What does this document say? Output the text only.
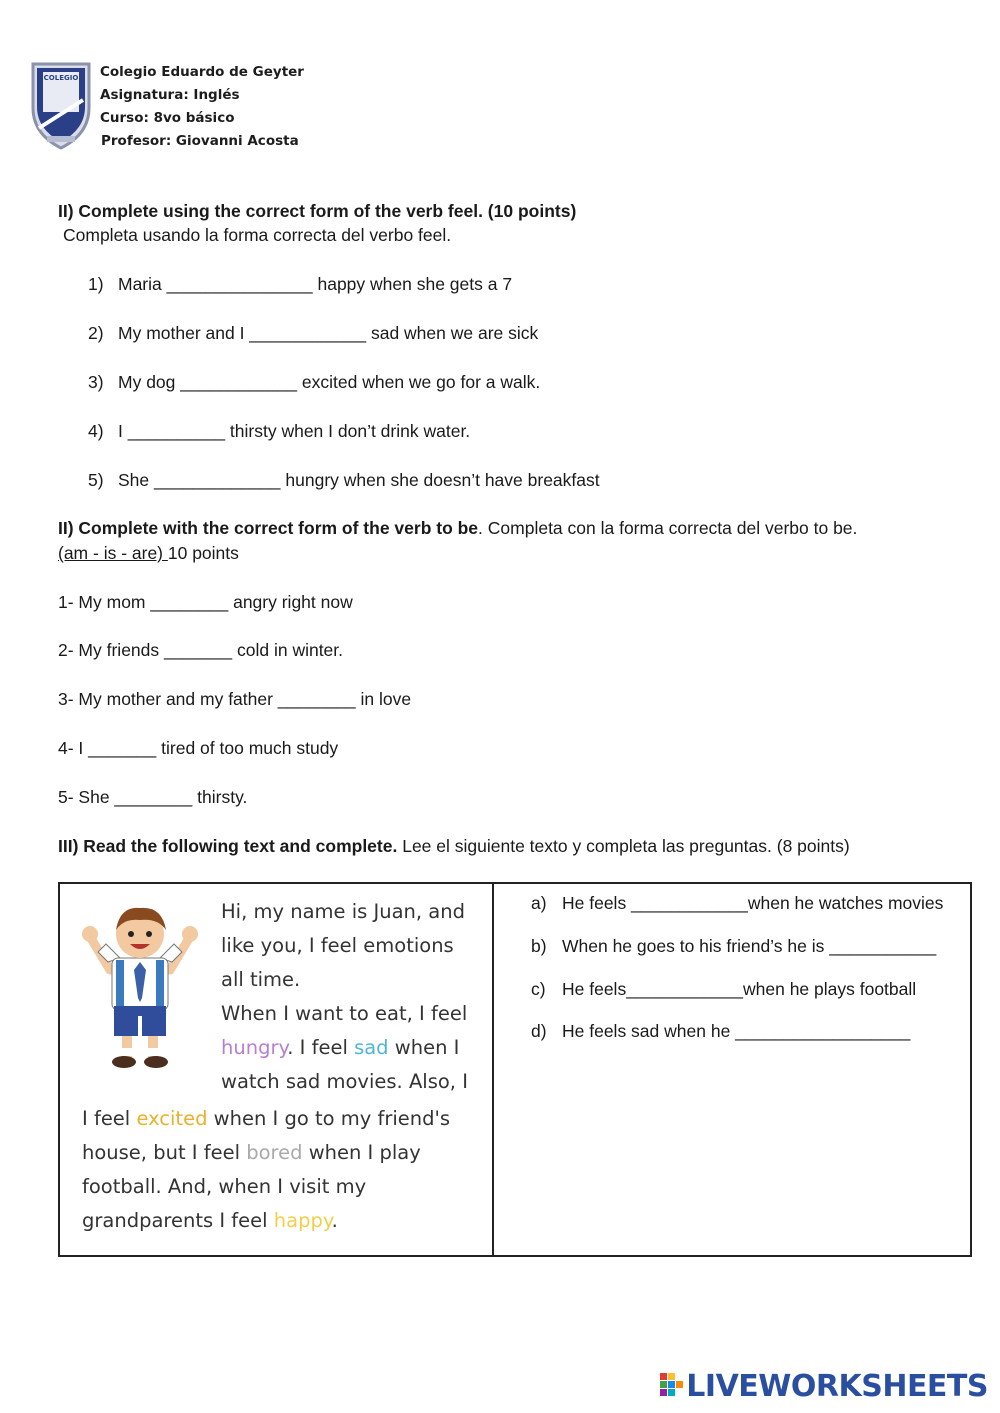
COLEGIO Colegio Eduardo de Geyter
Asignatura: Inglés
Curso: 8vo básico
Profesor: Giovanni Acosta
II) Complete using the correct form of the verb feel. (10 points)
Completa usando la forma correcta del verbo feel.
1) Maria _______________ happy when she gets a 7
2) My mother and I ____________ sad when we are sick
3) My dog ____________ excited when we go for a walk.
4) I __________ thirsty when I don’t drink water.
5) She _____________ hungry when she doesn’t have breakfast
II) Complete with the correct form of the verb to be. Completa con la forma correcta del verbo to be.
(am - is - are) 10 points
1- My mom ________ angry right now
2- My friends _______ cold in winter.
3- My mother and my father ________ in love
4- I _______ tired of too much study
5- She ________ thirsty.
III) Read the following text and complete. Lee el siguiente texto y completa las preguntas. (8 points)
Hi, my name is Juan, and
like you, I feel emotions
all time.
When I want to eat, I feel
hungry. I feel sad when I
watch sad movies. Also, I
I feel excited when I go to my friend's
house, but I feel bored when I play
football. And, when I visit my
grandparents I feel happy.
a) He feels ____________when he watches movies
b) When he goes to his friend’s he is ___________
c) He feels____________when he plays football
d) He feels sad when he __________________
LIVEWORKSHEETS
